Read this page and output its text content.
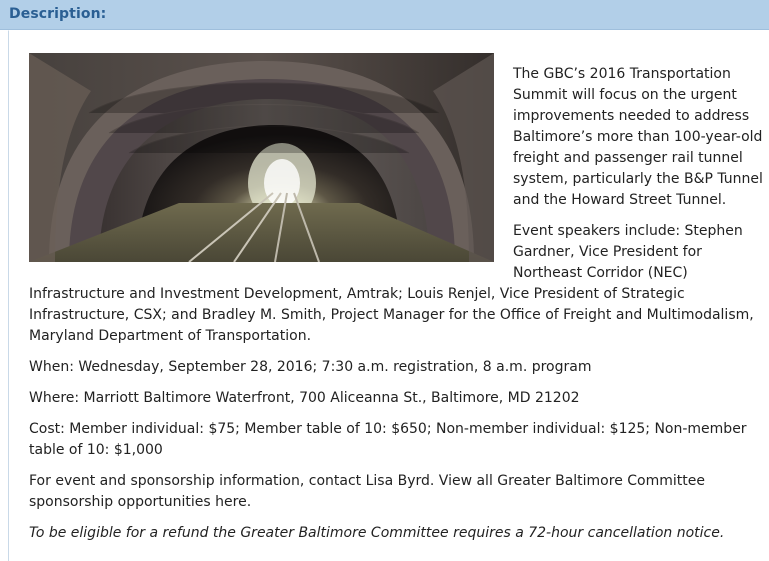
Description:

The GBC’s 2016 Transportation Summit will focus on the urgent improvements needed to address Baltimore’s more than 100-year-old freight and passenger rail tunnel system, particularly the B&P Tunnel and the Howard Street Tunnel.

Event speakers include: Stephen Gardner, Vice President for Northeast Corridor (NEC) Infrastructure and Investment Development, Amtrak; Louis Renjel, Vice President of Strategic Infrastructure, CSX; and Bradley M. Smith, Project Manager for the Office of Freight and Multimodalism, Maryland Department of Transportation.

When: Wednesday, September 28, 2016; 7:30 a.m. registration, 8 a.m. program

Where: Marriott Baltimore Waterfront, 700 Aliceanna St., Baltimore, MD 21202

Cost: Member individual: $75; Member table of 10: $650; Non-member individual: $125; Non-member table of 10: $1,000

For event and sponsorship information, contact Lisa Byrd. View all Greater Baltimore Committee sponsorship opportunities here.

To be eligible for a refund the Greater Baltimore Committee requires a 72-hour cancellation notice.
